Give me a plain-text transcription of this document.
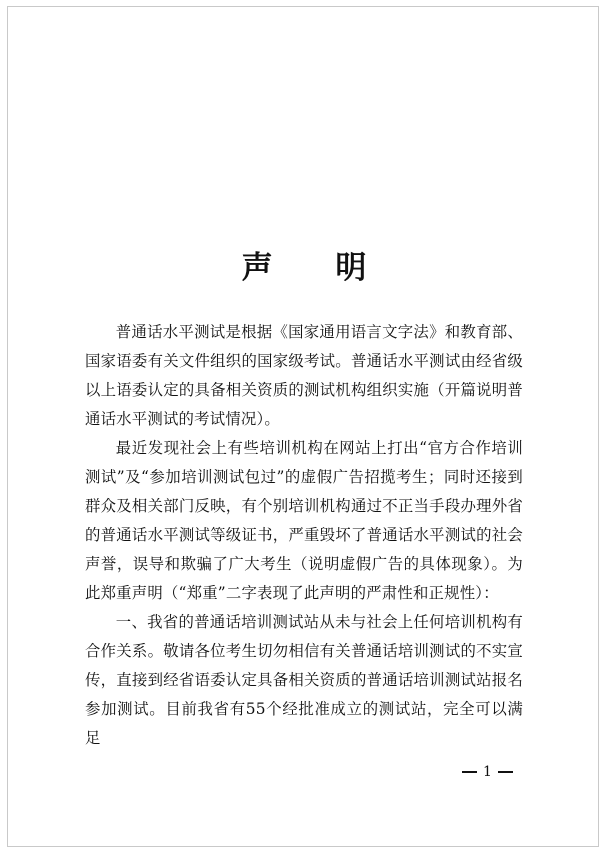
声 明

普通话水平测试是根据《国家通用语言文字法》和教育部、国家语委有关文件组织的国家级考试。普通话水平测试由经省级以上语委认定的具备相关资质的测试机构组织实施（开篇说明普通话水平测试的考试情况）。

最近发现社会上有些培训机构在网站上打出“官方合作培训测试”及“参加培训测试包过”的虚假广告招揽考生；同时还接到群众及相关部门反映，有个别培训机构通过不正当手段办理外省的普通话水平测试等级证书，严重毁坏了普通话水平测试的社会声誉，误导和欺骗了广大考生（说明虚假广告的具体现象）。为此郑重声明（“郑重”二字表现了此声明的严肃性和正规性）：

一、我省的普通话培训测试站从未与社会上任何培训机构有合作关系。敬请各位考生切勿相信有关普通话培训测试的不实宣传，直接到经省语委认定具备相关资质的普通话培训测试站报名参加测试。目前我省有55个经批准成立的测试站，完全可以满足

1
